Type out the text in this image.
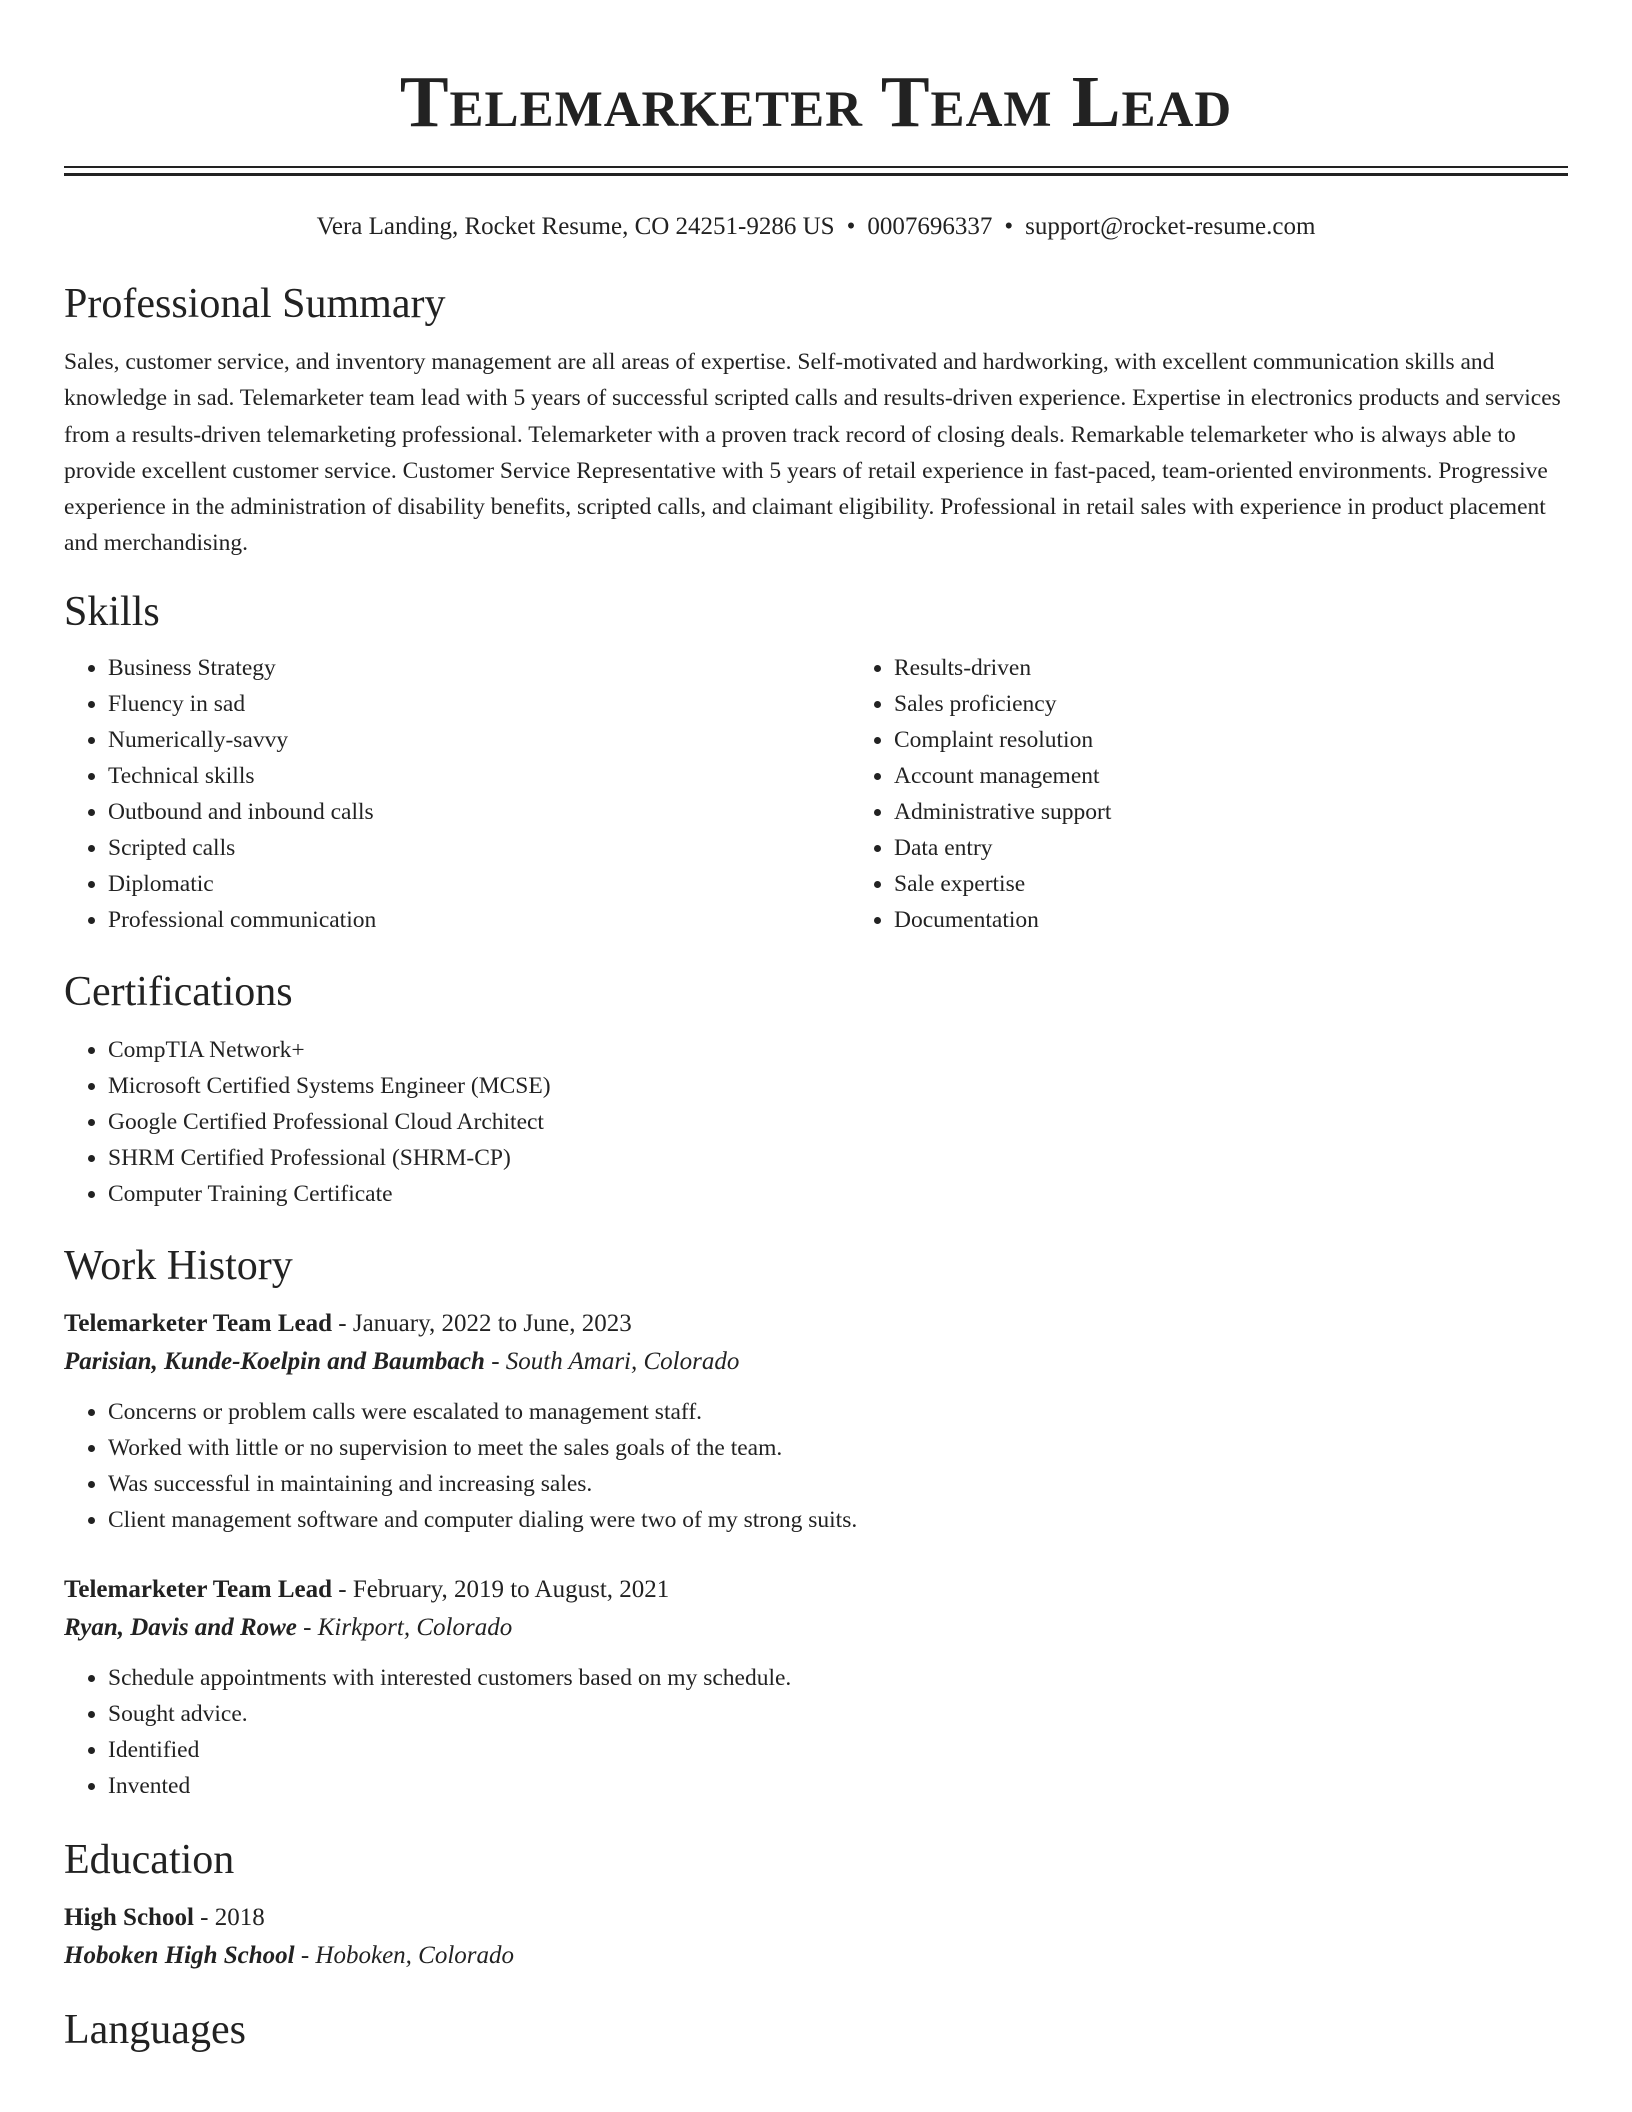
Telemarketer Team Lead
Vera Landing, Rocket Resume, CO 24251-9286 US • 0007696337 • support@rocket-resume.com
Professional Summary
Sales, customer service, and inventory management are all areas of expertise. Self-motivated and hardworking, with excellent communication skills and knowledge in sad. Telemarketer team lead with 5 years of successful scripted calls and results-driven experience. Expertise in electronics products and services from a results-driven telemarketing professional. Telemarketer with a proven track record of closing deals. Remarkable telemarketer who is always able to provide excellent customer service. Customer Service Representative with 5 years of retail experience in fast-paced, team-oriented environments. Progressive experience in the administration of disability benefits, scripted calls, and claimant eligibility. Professional in retail sales with experience in product placement and merchandising.
Skills
• Business Strategy
• Fluency in sad
• Numerically-savvy
• Technical skills
• Outbound and inbound calls
• Scripted calls
• Diplomatic
• Professional communication
• Results-driven
• Sales proficiency
• Complaint resolution
• Account management
• Administrative support
• Data entry
• Sale expertise
• Documentation
Certifications
• CompTIA Network+
• Microsoft Certified Systems Engineer (MCSE)
• Google Certified Professional Cloud Architect
• SHRM Certified Professional (SHRM-CP)
• Computer Training Certificate
Work History
Telemarketer Team Lead - January, 2022 to June, 2023
Parisian, Kunde-Koelpin and Baumbach - South Amari, Colorado
• Concerns or problem calls were escalated to management staff.
• Worked with little or no supervision to meet the sales goals of the team.
• Was successful in maintaining and increasing sales.
• Client management software and computer dialing were two of my strong suits.
Telemarketer Team Lead - February, 2019 to August, 2021
Ryan, Davis and Rowe - Kirkport, Colorado
• Schedule appointments with interested customers based on my schedule.
• Sought advice.
• Identified
• Invented
Education
High School - 2018
Hoboken High School - Hoboken, Colorado
Languages
